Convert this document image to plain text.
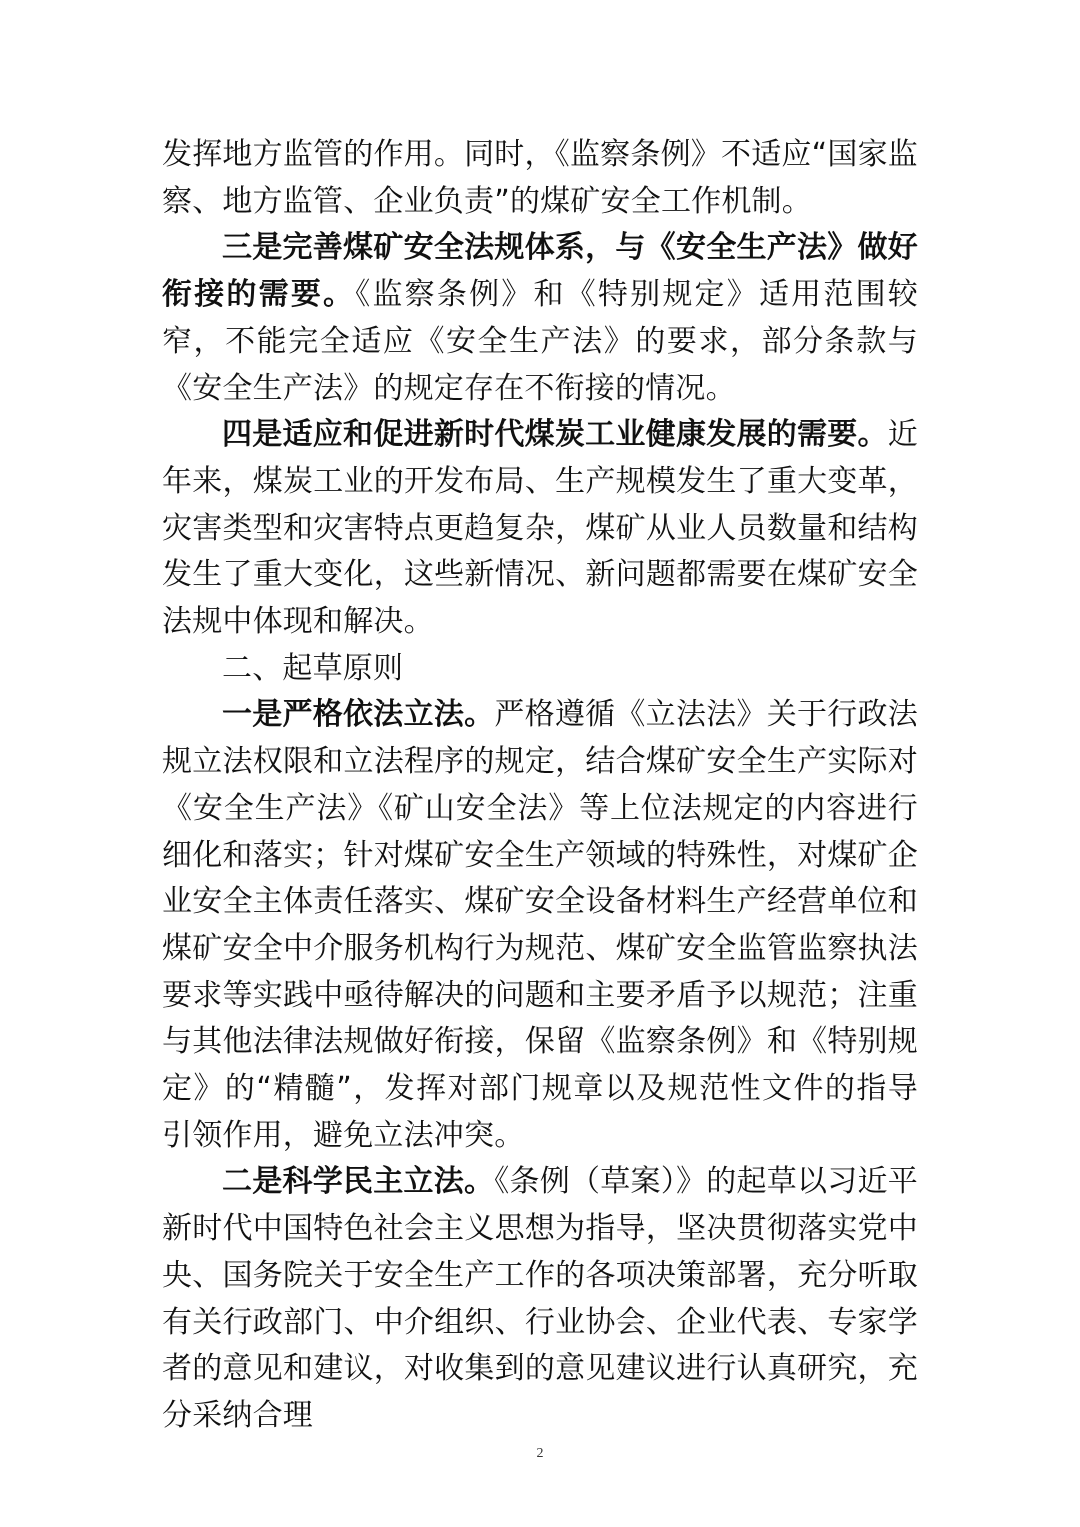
发挥地方监管的作用。同时，《监察条例》不适应“国家监察、地方监管、企业负责”的煤矿安全工作机制。

三是完善煤矿安全法规体系，与《安全生产法》做好衔接的需要。《监察条例》和《特别规定》适用范围较窄，不能完全适应《安全生产法》的要求，部分条款与《安全生产法》的规定存在不衔接的情况。

四是适应和促进新时代煤炭工业健康发展的需要。近年来，煤炭工业的开发布局、生产规模发生了重大变革，灾害类型和灾害特点更趋复杂，煤矿从业人员数量和结构发生了重大变化，这些新情况、新问题都需要在煤矿安全法规中体现和解决。

二、起草原则

一是严格依法立法。严格遵循《立法法》关于行政法规立法权限和立法程序的规定，结合煤矿安全生产实际对《安全生产法》《矿山安全法》等上位法规定的内容进行细化和落实；针对煤矿安全生产领域的特殊性，对煤矿企业安全主体责任落实、煤矿安全设备材料生产经营单位和煤矿安全中介服务机构行为规范、煤矿安全监管监察执法要求等实践中亟待解决的问题和主要矛盾予以规范；注重与其他法律法规做好衔接，保留《监察条例》和《特别规定》的“精髓”，发挥对部门规章以及规范性文件的指导引领作用，避免立法冲突。

二是科学民主立法。《条例（草案）》的起草以习近平新时代中国特色社会主义思想为指导，坚决贯彻落实党中央、国务院关于安全生产工作的各项决策部署，充分听取有关行政部门、中介组织、行业协会、企业代表、专家学者的意见和建议，对收集到的意见建议进行认真研究，充分采纳合理

2
